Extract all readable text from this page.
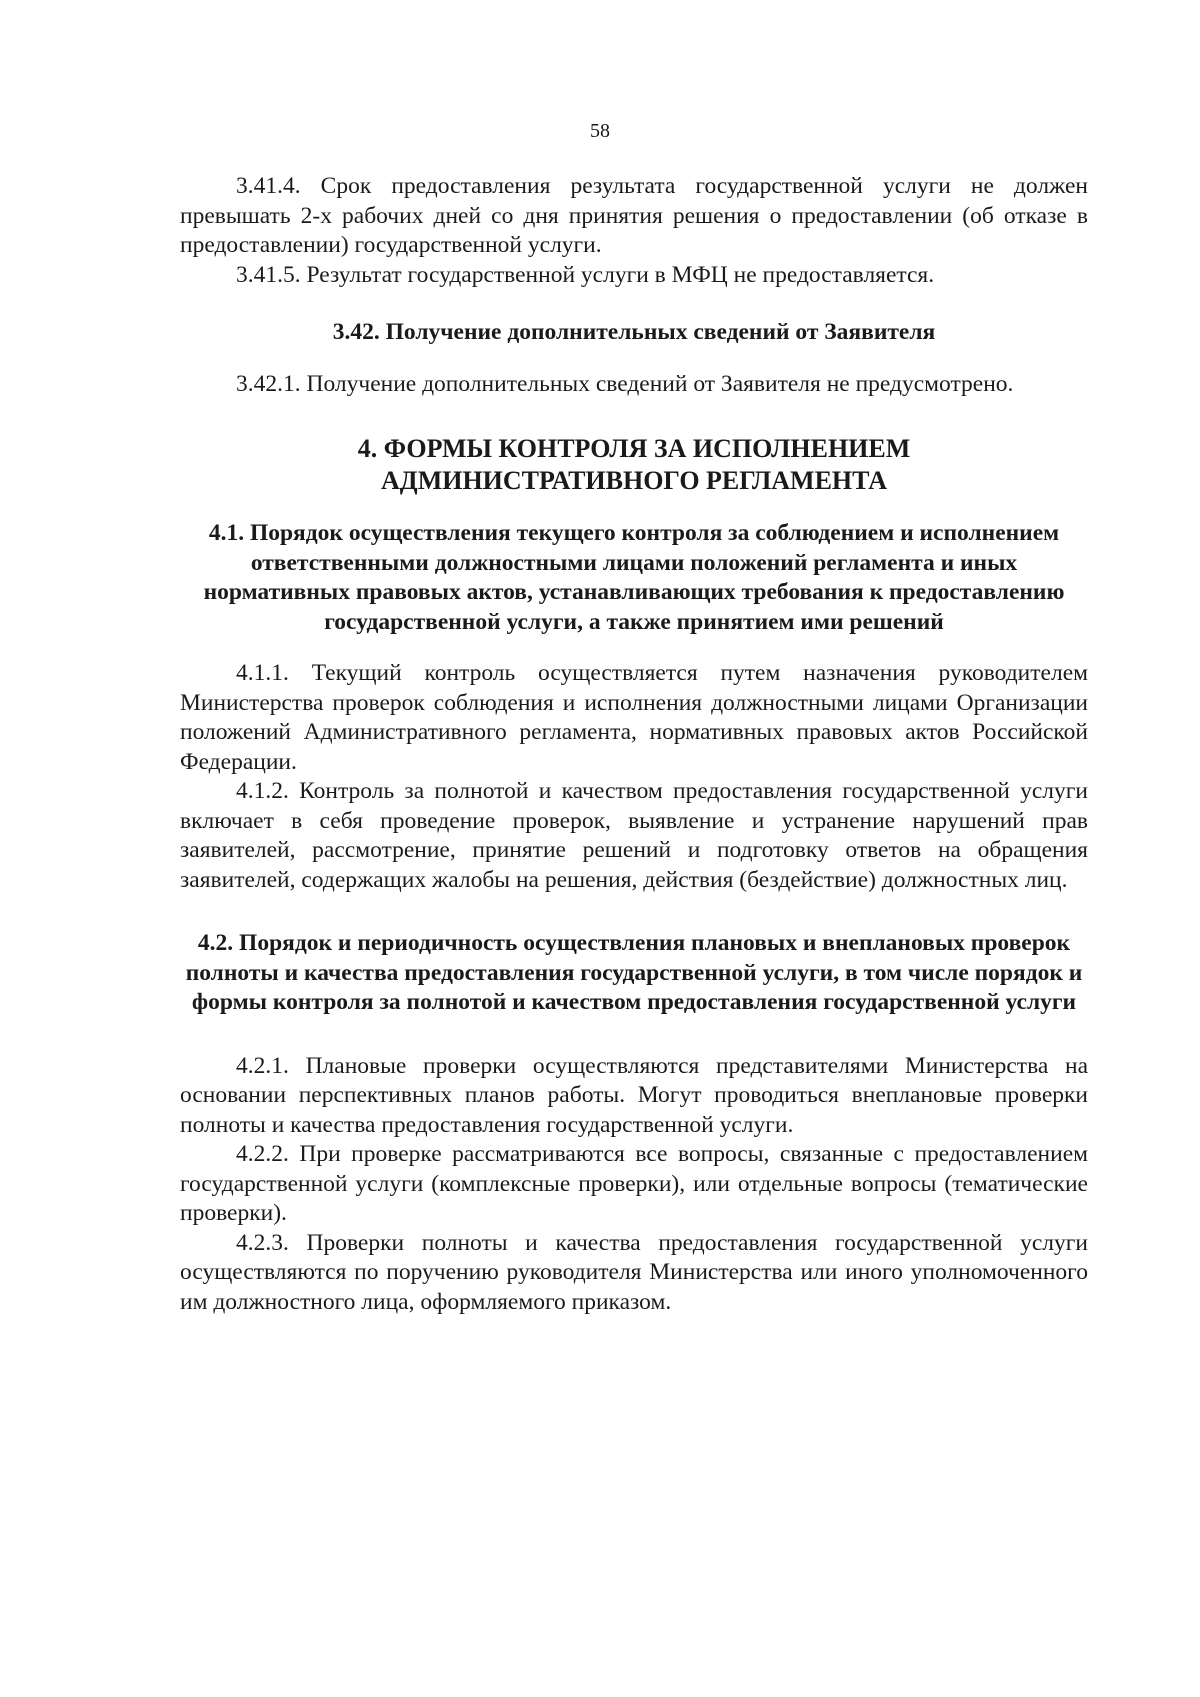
58

3.41.4. Срок предоставления результата государственной услуги не должен превышать 2-х рабочих дней со дня принятия решения о предоставлении (об отказе в предоставлении) государственной услуги.

3.41.5. Результат государственной услуги в МФЦ не предоставляется.

3.42. Получение дополнительных сведений от Заявителя

3.42.1. Получение дополнительных сведений от Заявителя не предусмотрено.

4. ФОРМЫ КОНТРОЛЯ ЗА ИСПОЛНЕНИЕМ
АДМИНИСТРАТИВНОГО РЕГЛАМЕНТА
4.1. Порядок осуществления текущего контроля за соблюдением и исполнением ответственными должностными лицами положений регламента и иных нормативных правовых актов, устанавливающих требования к предоставлению государственной услуги, а также принятием ими решений

4.1.1. Текущий контроль осуществляется путем назначения руководителем Министерства проверок соблюдения и исполнения должностными лицами Организации положений Административного регламента, нормативных правовых актов Российской Федерации.

4.1.2. Контроль за полнотой и качеством предоставления государственной услуги включает в себя проведение проверок, выявление и устранение нарушений прав заявителей, рассмотрение, принятие решений и подготовку ответов на обращения заявителей, содержащих жалобы на решения, действия (бездействие) должностных лиц.

4.2. Порядок и периодичность осуществления плановых и внеплановых проверок полноты и качества предоставления государственной услуги, в том числе порядок и формы контроля за полнотой и качеством предоставления государственной услуги

4.2.1. Плановые проверки осуществляются представителями Министерства на основании перспективных планов работы. Могут проводиться внеплановые проверки полноты и качества предоставления государственной услуги.

4.2.2. При проверке рассматриваются все вопросы, связанные с предоставлением государственной услуги (комплексные проверки), или отдельные вопросы (тематические проверки).

4.2.3. Проверки полноты и качества предоставления государственной услуги осуществляются по поручению руководителя Министерства или иного уполномоченного им должностного лица, оформляемого приказом.
